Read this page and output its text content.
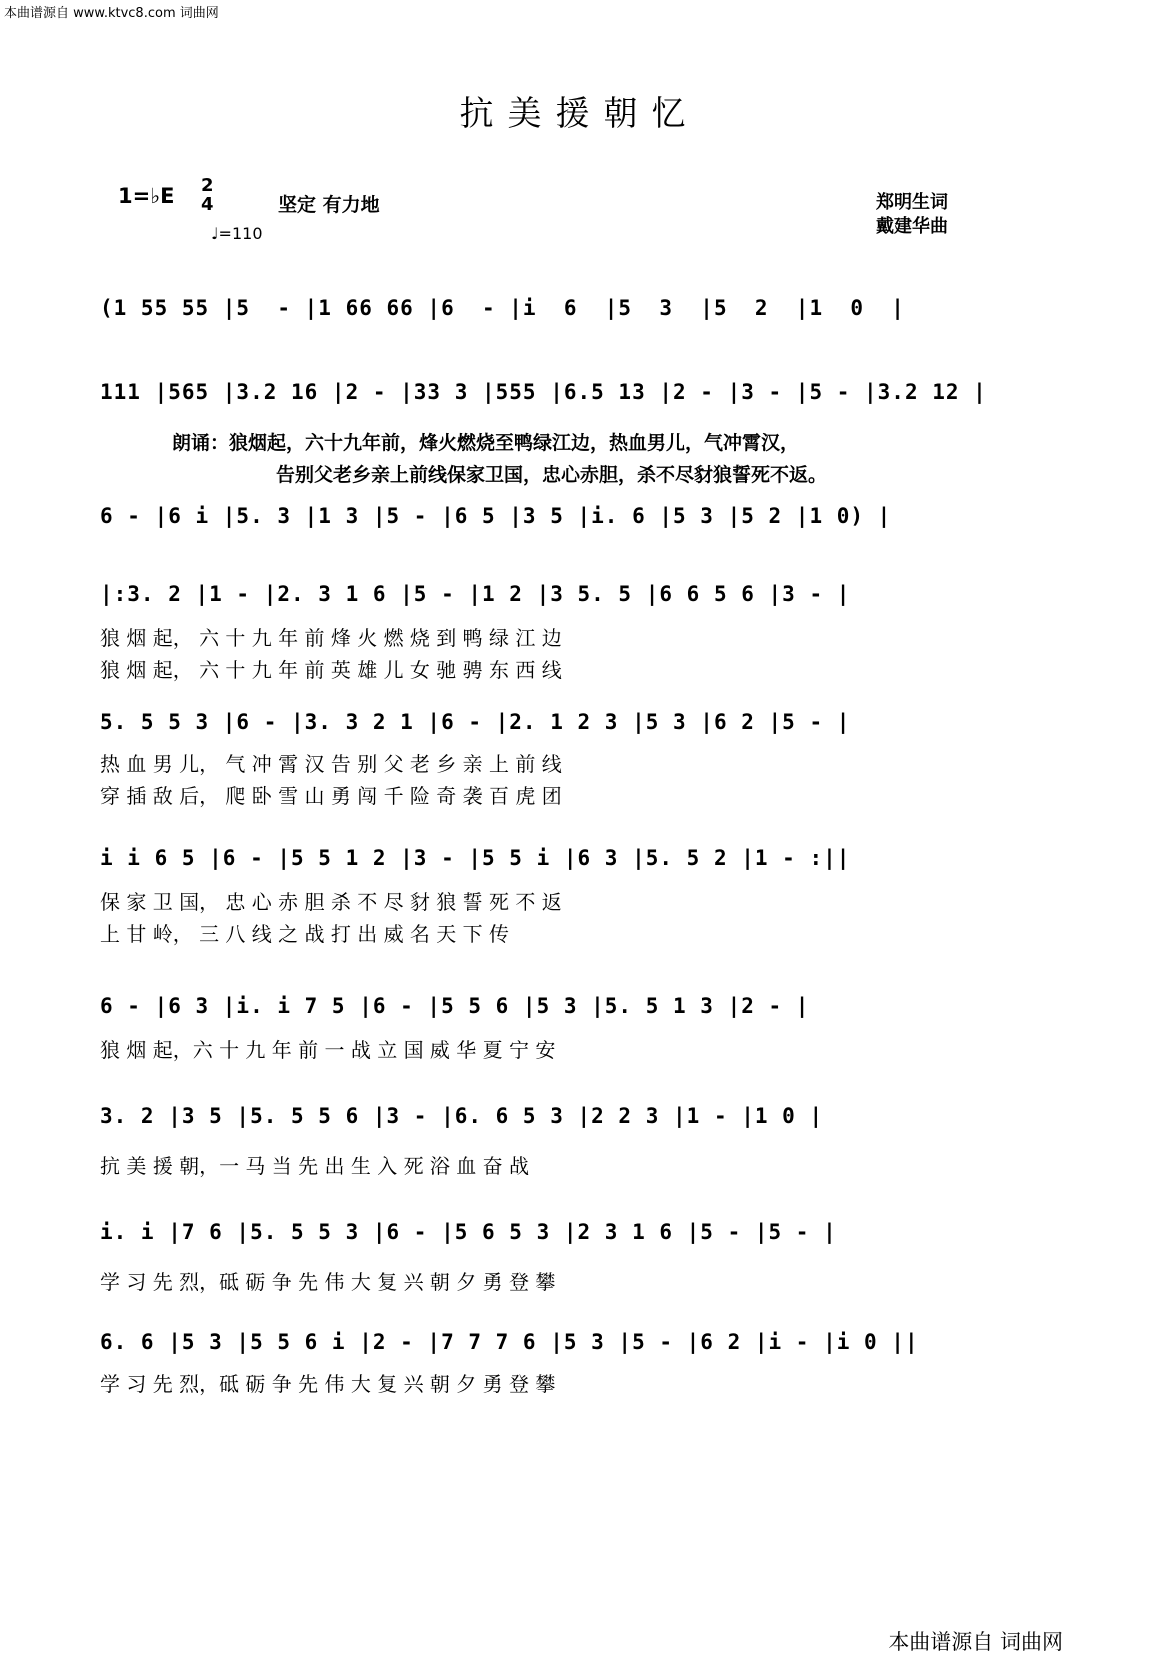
本曲谱源自 www.ktvc8.com 词曲网
抗美援朝忆
1=♭E 2
4	坚定 有力地
♩=110
郑明生词
戴建华曲
(1 55 55 |5  - |1 66 66 |6  - |i  6  |5  3  |5  2  |1  0  |
111 |565 |3.2 16 |2 - |33 3 |555 |6.5 13 |2 - |3 - |5 - |3.2 12 |
朗诵：狼烟起，六十九年前，烽火燃烧至鸭绿江边，热血男儿，气冲霄汉，
告别父老乡亲上前线保家卫国，忠心赤胆，杀不尽豺狼誓死不返。
6 - |6 i |5. 3 |1 3 |5 - |6 5 |3 5 |i. 6 |5 3 |5 2 |1 0) |
|:3. 2 |1 - |2. 3 1 6 |5 - |1 2 |3 5. 5 |6 6 5 6 |3 - |
狼 烟 起， 六 十 九 年 前 烽 火 燃 烧 到 鸭 绿 江 边
狼 烟 起， 六 十 九 年 前 英 雄 儿 女 驰 骋 东 西 线
5. 5 5 3 |6 - |3. 3 2 1 |6 - |2. 1 2 3 |5 3 |6 2 |5 - |
热 血 男 儿， 气 冲 霄 汉 告 别 父 老 乡 亲 上 前 线
穿 插 敌 后， 爬 卧 雪 山 勇 闯 千 险 奇 袭 百 虎 团
i i 6 5 |6 - |5 5 1 2 |3 - |5 5 i |6 3 |5. 5 2 |1 - :||
保 家 卫 国， 忠 心 赤 胆 杀 不 尽 豺 狼 誓 死 不 返
上 甘 岭， 三 八 线 之 战 打 出 威 名 天 下 传
6 - |6 3 |i. i 7 5 |6 - |5 5 6 |5 3 |5. 5 1 3 |2 - |
狼 烟 起，六 十 九 年 前 一 战 立 国 威 华 夏 宁 安
3. 2 |3 5 |5. 5 5 6 |3 - |6. 6 5 3 |2 2 3 |1 - |1 0 |
抗 美 援 朝，一 马 当 先 出 生 入 死 浴 血 奋 战
i. i |7 6 |5. 5 5 3 |6 - |5 6 5 3 |2 3 1 6 |5 - |5 - |
学 习 先 烈，砥 砺 争 先 伟 大 复 兴 朝 夕 勇 登 攀
6. 6 |5 3 |5 5 6 i |2 - |7 7 7 6 |5 3 |5 - |6 2 |i - |i 0 ||
学 习 先 烈，砥 砺 争 先 伟 大 复 兴 朝 夕 勇 登 攀
本曲谱源自 词曲网
